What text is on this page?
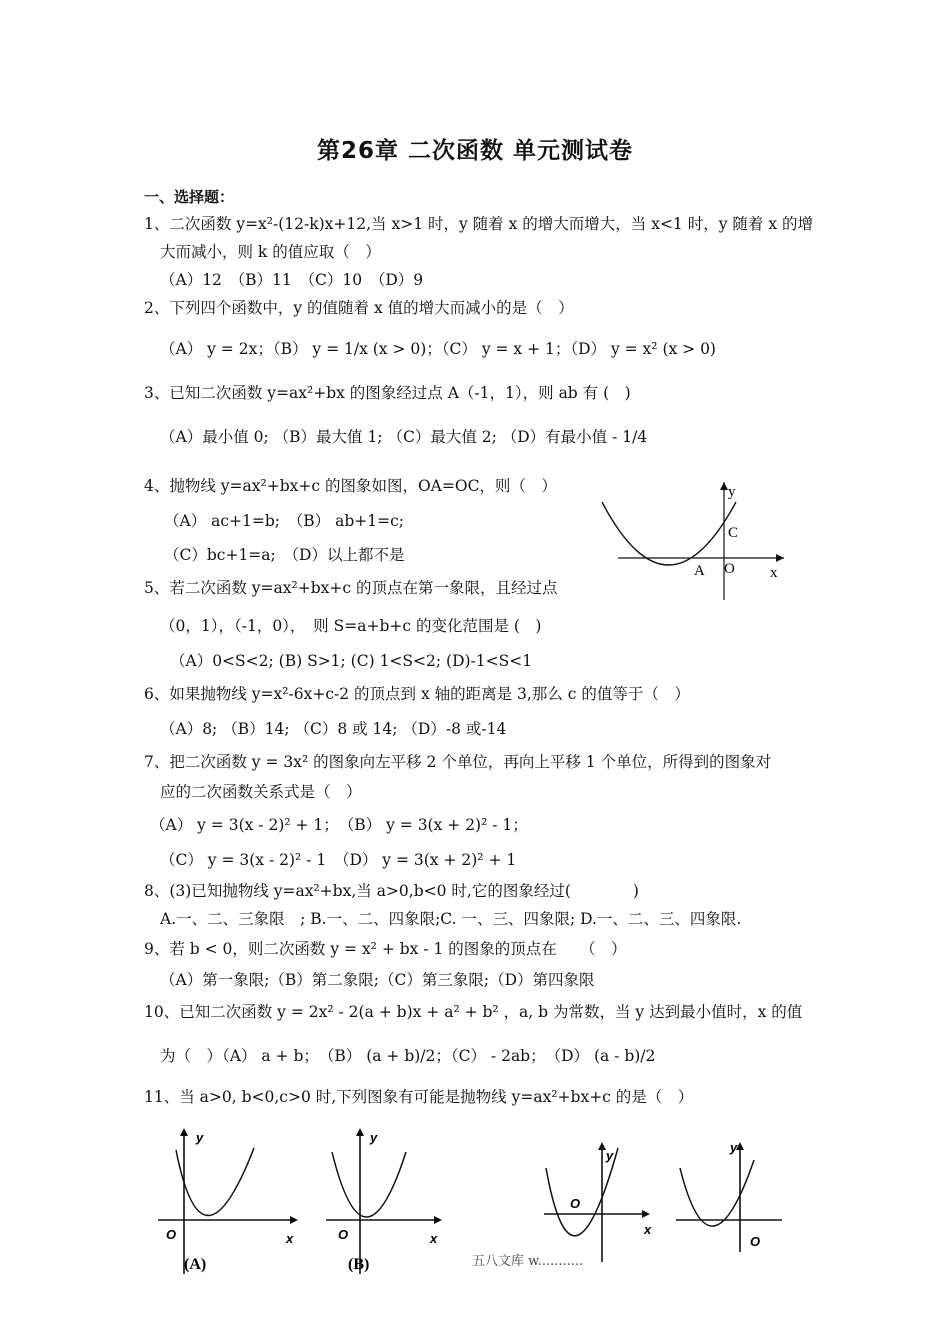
第26章 二次函数 单元测试卷
一、选择题：
1、二次函数 y=x²-(12-k)x+12,当 x>1 时，y 随着 x 的增大而增大，当 x<1 时，y 随着 x 的增
大而减小，则 k 的值应取（　）
（A）12　（B）11　（C）10　（D）9
2、下列四个函数中，y 的值随着 x 值的增大而减小的是（　）
（A） y = 2x；（B） y = 1/x (x > 0)；（C） y = x + 1；（D） y = x² (x > 0)
3、已知二次函数 y=ax²+bx 的图象经过点 A（-1，1），则 ab 有 (　)
（A）最小值 0; （B）最大值 1; （C）最大值 2; （D）有最小值 - 1/4
4、抛物线 y=ax²+bx+c 的图象如图，OA=OC，则（　）
（A） ac+1=b;　（B） ab+1=c;
（C）bc+1=a;　（D）以上都不是
y
C
A O x
5、若二次函数 y=ax²+bx+c 的顶点在第一象限，且经过点
（0，1），（-1，0），　则 S=a+b+c 的变化范围是 (　)
（A）0<S<2; (B) S>1; (C) 1<S<2; (D)-1<S<1
6、如果抛物线 y=x²-6x+c-2 的顶点到 x 轴的距离是 3,那么 c 的值等于（　）
（A）8; （B）14; （C）8 或 14; （D）-8 或-14
7、把二次函数 y = 3x² 的图象向左平移 2 个单位，再向上平移 1 个单位，所得到的图象对
应的二次函数关系式是（　）
（A） y = 3(x - 2)² + 1；　（B） y = 3(x + 2)² - 1；
（C） y = 3(x - 2)² - 1　（D） y = 3(x + 2)² + 1
8、(3)已知抛物线 y=ax²+bx,当 a>0,b<0 时,它的图象经过(　　　　)
A.一、二、三象限　; B.一、二、四象限;C. 一、三、四象限; D.一、二、三、四象限.
9、若 b < 0，则二次函数 y = x² + bx - 1 的图象的顶点在　　（　）
（A）第一象限;（B）第二象限;（C）第三象限;（D）第四象限
10、已知二次函数 y = 2x² - 2(a + b)x + a² + b² ，a, b 为常数，当 y 达到最小值时，x 的值
为（　）（A） a + b；　（B） (a + b)/2；（C） - 2ab；　（D） (a - b)/2
11、当 a>0, b<0,c>0 时,下列图象有可能是抛物线 y=ax²+bx+c 的是（　）
y
O	x
(A)
y
O	x
(B)
y
O
x
y
O
五八文库 w...........
